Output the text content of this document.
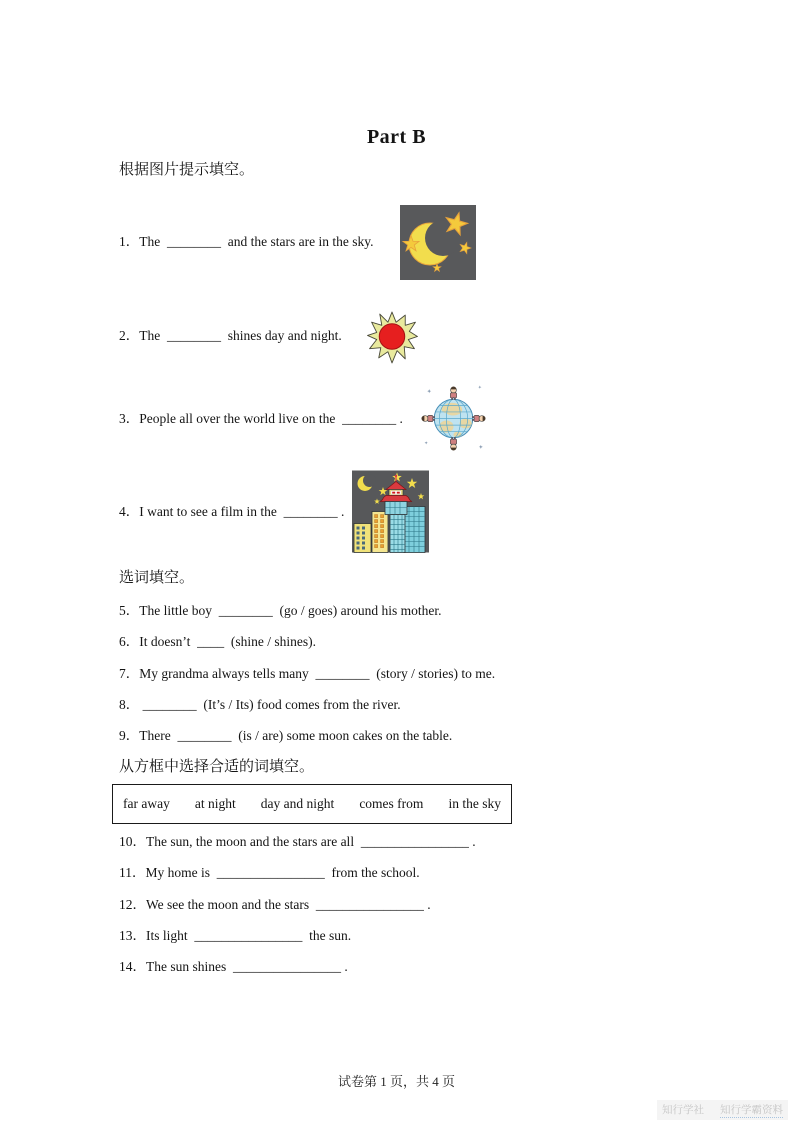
Part B
根据图片提示填空。
1．The  ________  and the stars are in the sky.
2．The  ________  shines day and night.
3．People all over the world live on the  ________ .
4．I want to see a film in the  ________ .
选词填空。
5．The little boy  ________  (go / goes) around his mother.
6．It doesn’t  ____  (shine / shines).
7．My grandma always tells many  ________  (story / stories) to me.
8． ________  (It’s / Its) food comes from the river.
9．There  ________  (is / are) some moon cakes on the table.
从方框中选择合适的词填空。
far away at night day and night comes from in the sky
10．The sun, the moon and the stars are all  ________________ .
11．My home is  ________________  from the school.
12．We see the moon and the stars  ________________ .
13．Its light  ________________  the sun.
14．The sun shines  ________________ .
试卷第 1 页，共 4 页
知行学社 知行学霸资料
